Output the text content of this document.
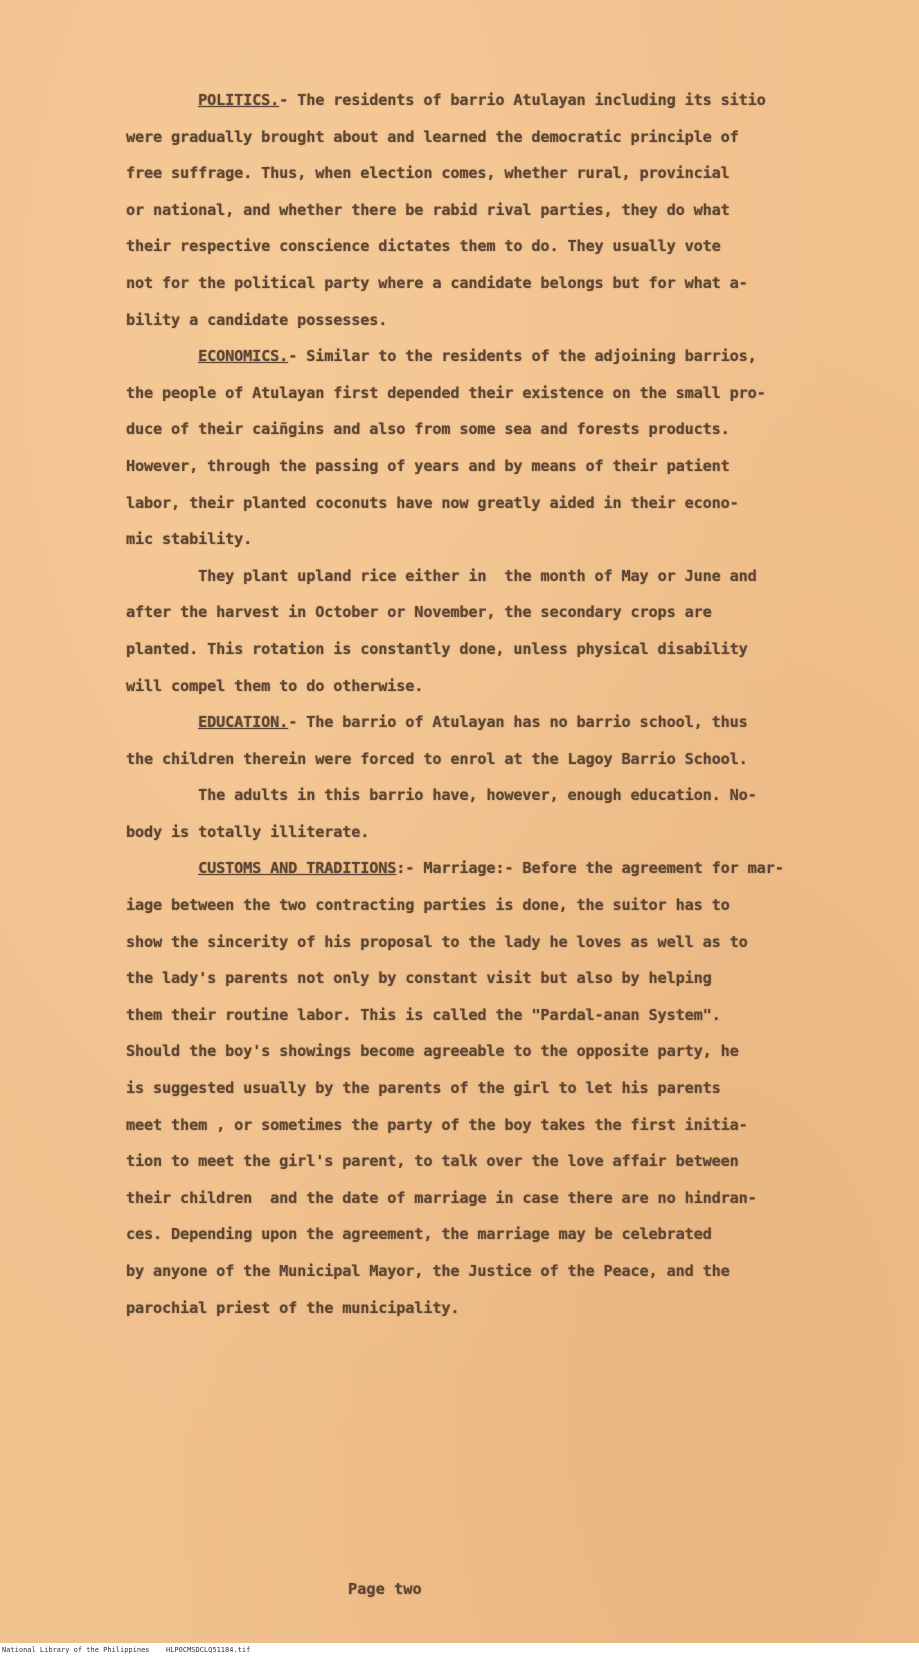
POLITICS.- The residents of barrio Atulayan including its sitio

were gradually brought about and learned the democratic principle of

free suffrage. Thus, when election comes, whether rural, provincial

or national, and whether there be rabid rival parties, they do what

their respective conscience dictates them to do. They usually vote

not for the political party where a candidate belongs but for what a-

bility a candidate possesses.

ECONOMICS.- Similar to the residents of the adjoining barrios,

the people of Atulayan first depended their existence on the small pro-

duce of their caiñgins and also from some sea and forests products.

However, through the passing of years and by means of their patient

labor, their planted coconuts have now greatly aided in their econo-

mic stability.

They plant upland rice either in  the month of May or June and

after the harvest in October or November, the secondary crops are

planted. This rotation is constantly done, unless physical disability

will compel them to do otherwise.

EDUCATION.- The barrio of Atulayan has no barrio school, thus

the children therein were forced to enrol at the Lagoy Barrio School.

The adults in this barrio have, however, enough education. No-

body is totally illiterate.

CUSTOMS AND TRADITIONS:- Marriage:- Before the agreement for mar-

iage between the two contracting parties is done, the suitor has to

show the sincerity of his proposal to the lady he loves as well as to

the lady's parents not only by constant visit but also by helping

them their routine labor. This is called the "Pardal-anan System".

Should the boy's showings become agreeable to the opposite party, he

is suggested usually by the parents of the girl to let his parents

meet them , or sometimes the party of the boy takes the first initia-

tion to meet the girl's parent, to talk over the love affair between

their children  and the date of marriage in case there are no hindran-

ces. Depending upon the agreement, the marriage may be celebrated

by anyone of the Municipal Mayor, the Justice of the Peace, and the

parochial priest of the municipality.

Page two
National Library of the Philippines HLPOCMSDCLQ51184.tif
